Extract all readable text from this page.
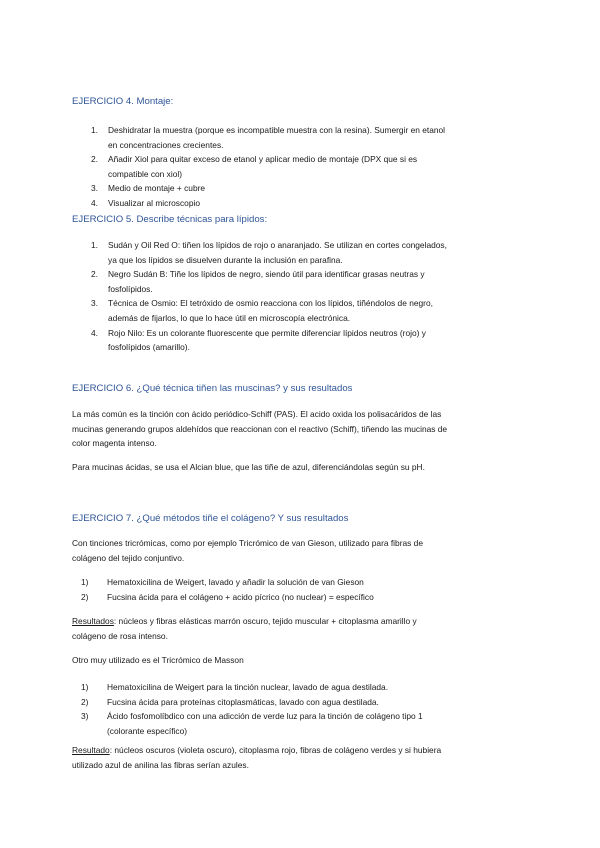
EJERCICIO 4. Montaje:
1. Deshidratar la muestra (porque es incompatible muestra con la resina). Sumergir en etanol
en concentraciones crecientes.
2. Añadir Xiol para quitar exceso de etanol y aplicar medio de montaje (DPX que si es
compatible con xiol)
3. Medio de montaje + cubre
4. Visualizar al microscopio
EJERCICIO 5. Describe técnicas para lípidos:
1. Sudán y Oil Red O: tiñen los lípidos de rojo o anaranjado. Se utilizan en cortes congelados,
ya que los lípidos se disuelven durante la inclusión en parafina.
2. Negro Sudán B: Tiñe los lípidos de negro, siendo útil para identificar grasas neutras y
fosfolípidos.
3. Técnica de Osmio: El tetróxido de osmio reacciona con los lípidos, tiñéndolos de negro,
además de fijarlos, lo que lo hace útil en microscopía electrónica.
4. Rojo Nilo: Es un colorante fluorescente que permite diferenciar lípidos neutros (rojo) y
fosfolípidos (amarillo).
EJERCICIO 6. ¿Qué técnica tiñen las muscinas? y sus resultados

La más común es la tinción con ácido periódico-Schiff (PAS). El acido oxida los polisacáridos de las
mucinas generando grupos aldehídos que reaccionan con el reactivo (Schiff), tiñendo las mucinas de
color magenta intenso.

Para mucinas ácidas, se usa el Alcian blue, que las tiñe de azul, diferenciándolas según su pH.

EJERCICIO 7. ¿Qué métodos tiñe el colágeno? Y sus resultados

Con tinciones tricrómicas, como por ejemplo Tricrómico de van Gieson, utilizado para fibras de
colágeno del tejido conjuntivo.

1)	Hematoxicilina de Weigert, lavado y añadir la solución de van Gieson
2)	Fucsina ácida para el colágeno + acido pícrico (no nuclear) = específico

Resultados: núcleos y fibras elásticas marrón oscuro, tejido muscular + citoplasma amarillo y
colágeno de rosa intenso.

Otro muy utilizado es el Tricrómico de Masson

1)	Hematoxicilina de Weigert para la tinción nuclear, lavado de agua destilada.
2)	Fucsina ácida para proteínas citoplasmáticas, lavado con agua destilada.
3)	Ácido fosfomolíbdico con una adicción de verde luz para la tinción de colágeno tipo 1
(colorante específico)

Resultado: núcleos oscuros (violeta oscuro), citoplasma rojo, fibras de colágeno verdes y si hubiera
utilizado azul de anilina las fibras serían azules.
